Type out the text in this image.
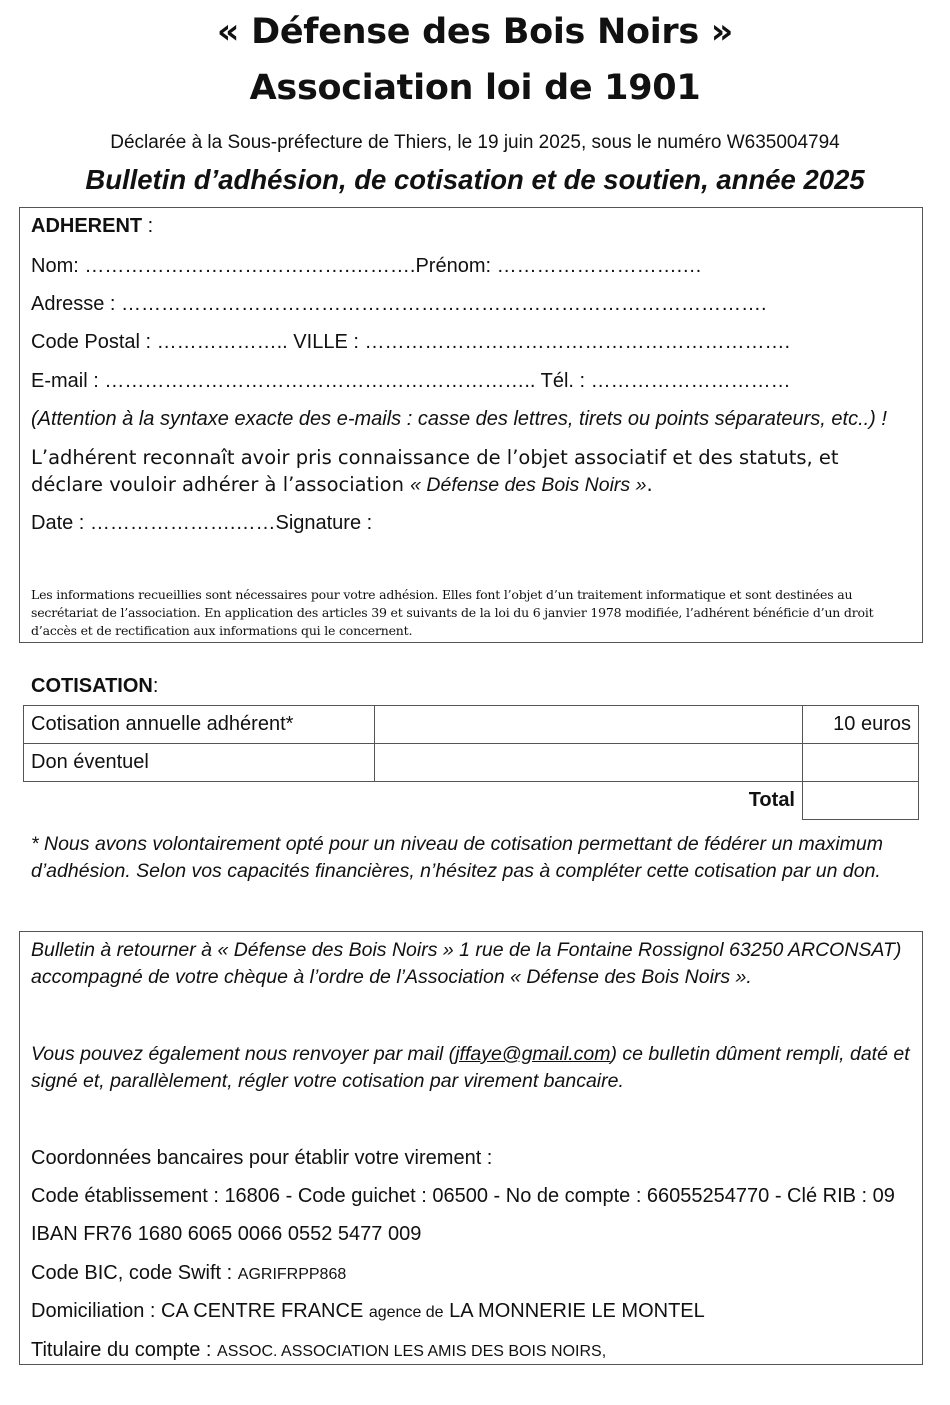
« Défense des Bois Noirs »
Association loi de 1901
Déclarée à la Sous-préfecture de Thiers, le 19 juin 2025, sous le numéro W635004794
Bulletin d’adhésion, de cotisation et de soutien, année 2025
ADHERENT :
Nom: ………………………………….……….Prénom: ……………………….…
Adresse : …………………………………………………………………………………….
Code Postal : ……………….. VILLE : ……………………………………………………….
E-mail : ……………………………………………………….. Tél. : …………………………
(Attention à la syntaxe exacte des e-mails : casse des lettres, tirets ou points séparateurs, etc..) !
L’adhérent reconnaît avoir pris connaissance de l’objet associatif et des statuts, et déclare vouloir adhérer à l’association « Défense des Bois Noirs ».
Date : ………………….……Signature :
Les informations recueillies sont nécessaires pour votre adhésion. Elles font l’objet d’un traitement informatique et sont destinées au secrétariat de l’association. En application des articles 39 et suivants de la loi du 6 janvier 1978 modifiée, l’adhérent bénéficie d’un droit d’accès et de rectification aux informations qui le concernent.
COTISATION:
Cotisation annuelle adhérent*		10 euros
Don éventuel		
	Total	
* Nous avons volontairement opté pour un niveau de cotisation permettant de fédérer un maximum d’adhésion. Selon vos capacités financières, n’hésitez pas à compléter cette cotisation par un don.
Bulletin à retourner à « Défense des Bois Noirs » 1 rue de la Fontaine Rossignol 63250 ARCONSAT) accompagné de votre chèque à l’ordre de l’Association « Défense des Bois Noirs ».
Vous pouvez également nous renvoyer par mail (jffaye@gmail.com) ce bulletin dûment rempli, daté et signé et, parallèlement, régler votre cotisation par virement bancaire.
Coordonnées bancaires pour établir votre virement :
Code établissement : 16806 - Code guichet : 06500 - No de compte : 66055254770 - Clé RIB : 09
IBAN FR76 1680 6065 0066 0552 5477 009
Code BIC, code Swift : AGRIFRPP868
Domiciliation : CA CENTRE FRANCE agence de LA MONNERIE LE MONTEL
Titulaire du compte : ASSOC. ASSOCIATION LES AMIS DES BOIS NOIRS,
